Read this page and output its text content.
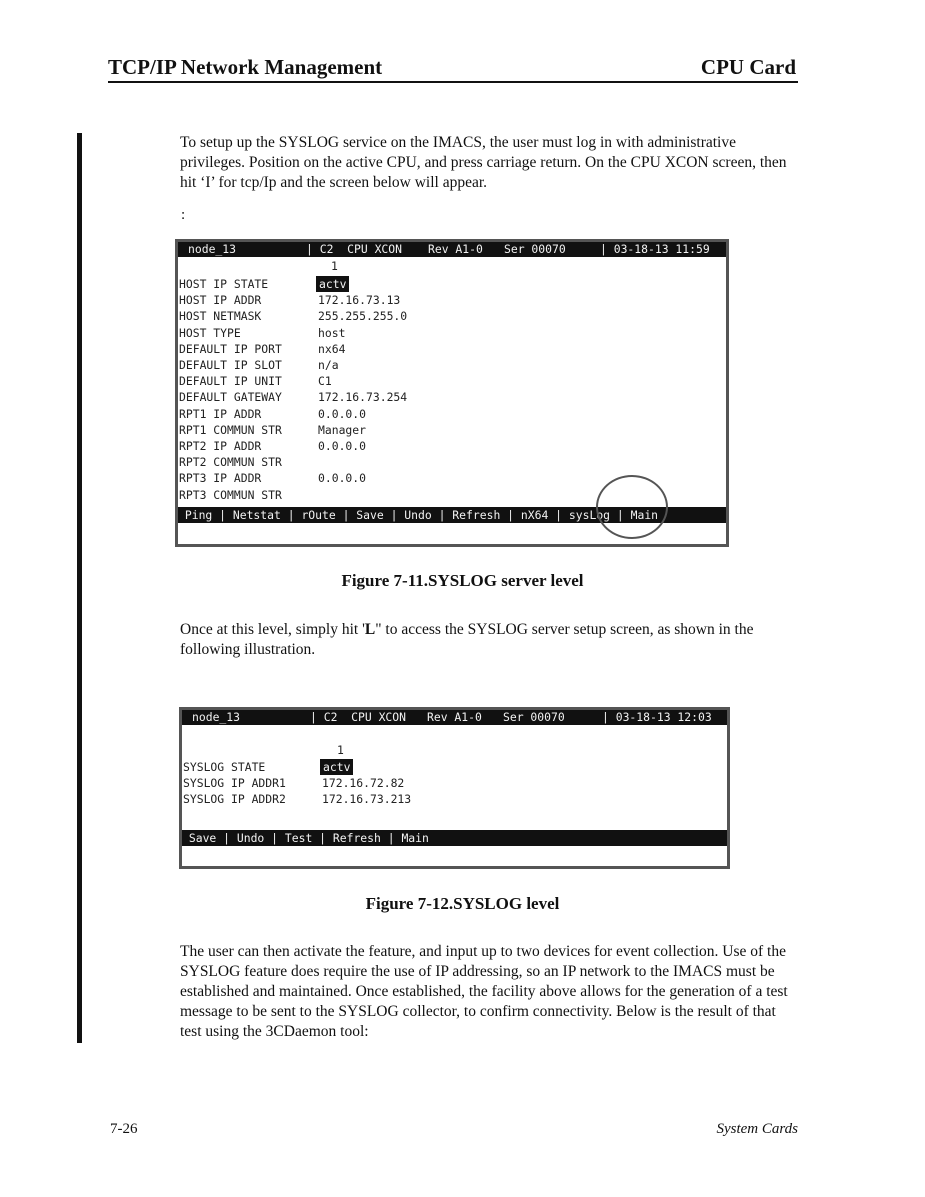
TCP/IP Network Management	CPU Card

To setup up the SYSLOG service on the IMACS, the user must log in with administrative privileges. Position on the active CPU, and press carriage return. On the CPU XCON screen, then hit ‘I’ for tcp/Ip and the screen below will appear.

:

node_13

	| C2  CPU XCON

Rev A1-0

Ser 00070

	| 03-18-13 11:59

1
HOST IP STATE	actv
HOST IP ADDR	172.16.73.13
HOST NETMASK	255.255.255.0
HOST TYPE	host
DEFAULT IP PORT	nx64
DEFAULT IP SLOT	n/a
DEFAULT IP UNIT	C1
DEFAULT GATEWAY	172.16.73.254
RPT1 IP ADDR	0.0.0.0
RPT1 COMMUN STR	Manager
RPT2 IP ADDR	0.0.0.0
RPT2 COMMUN STR
RPT3 IP ADDR	0.0.0.0
RPT3 COMMUN STR
Ping | Netstat | rOute | Save | Undo | Refresh | nX64 | sysLog | Main
Figure 7-11.SYSLOG server level

Once at this level, simply hit 'L" to access the SYSLOG server setup screen, as shown in the following illustration.

node_13

	| C2  CPU XCON

Rev A1-0

Ser 00070

	| 03-18-13 12:03

1
SYSLOG STATE	actv
SYSLOG IP ADDR1	172.16.72.82
SYSLOG IP ADDR2	172.16.73.213
Save | Undo | Test | Refresh | Main
Figure 7-12.SYSLOG level

The user can then activate the feature, and input up to two devices for event collection. Use of the SYSLOG feature does require the use of IP addressing, so an IP network to the IMACS must be established and maintained. Once established, the facility above allows for the generation of a test message to be sent to the SYSLOG collector, to confirm connectivity. Below is the result of that test using the 3CDaemon tool:

7-26	System Cards
